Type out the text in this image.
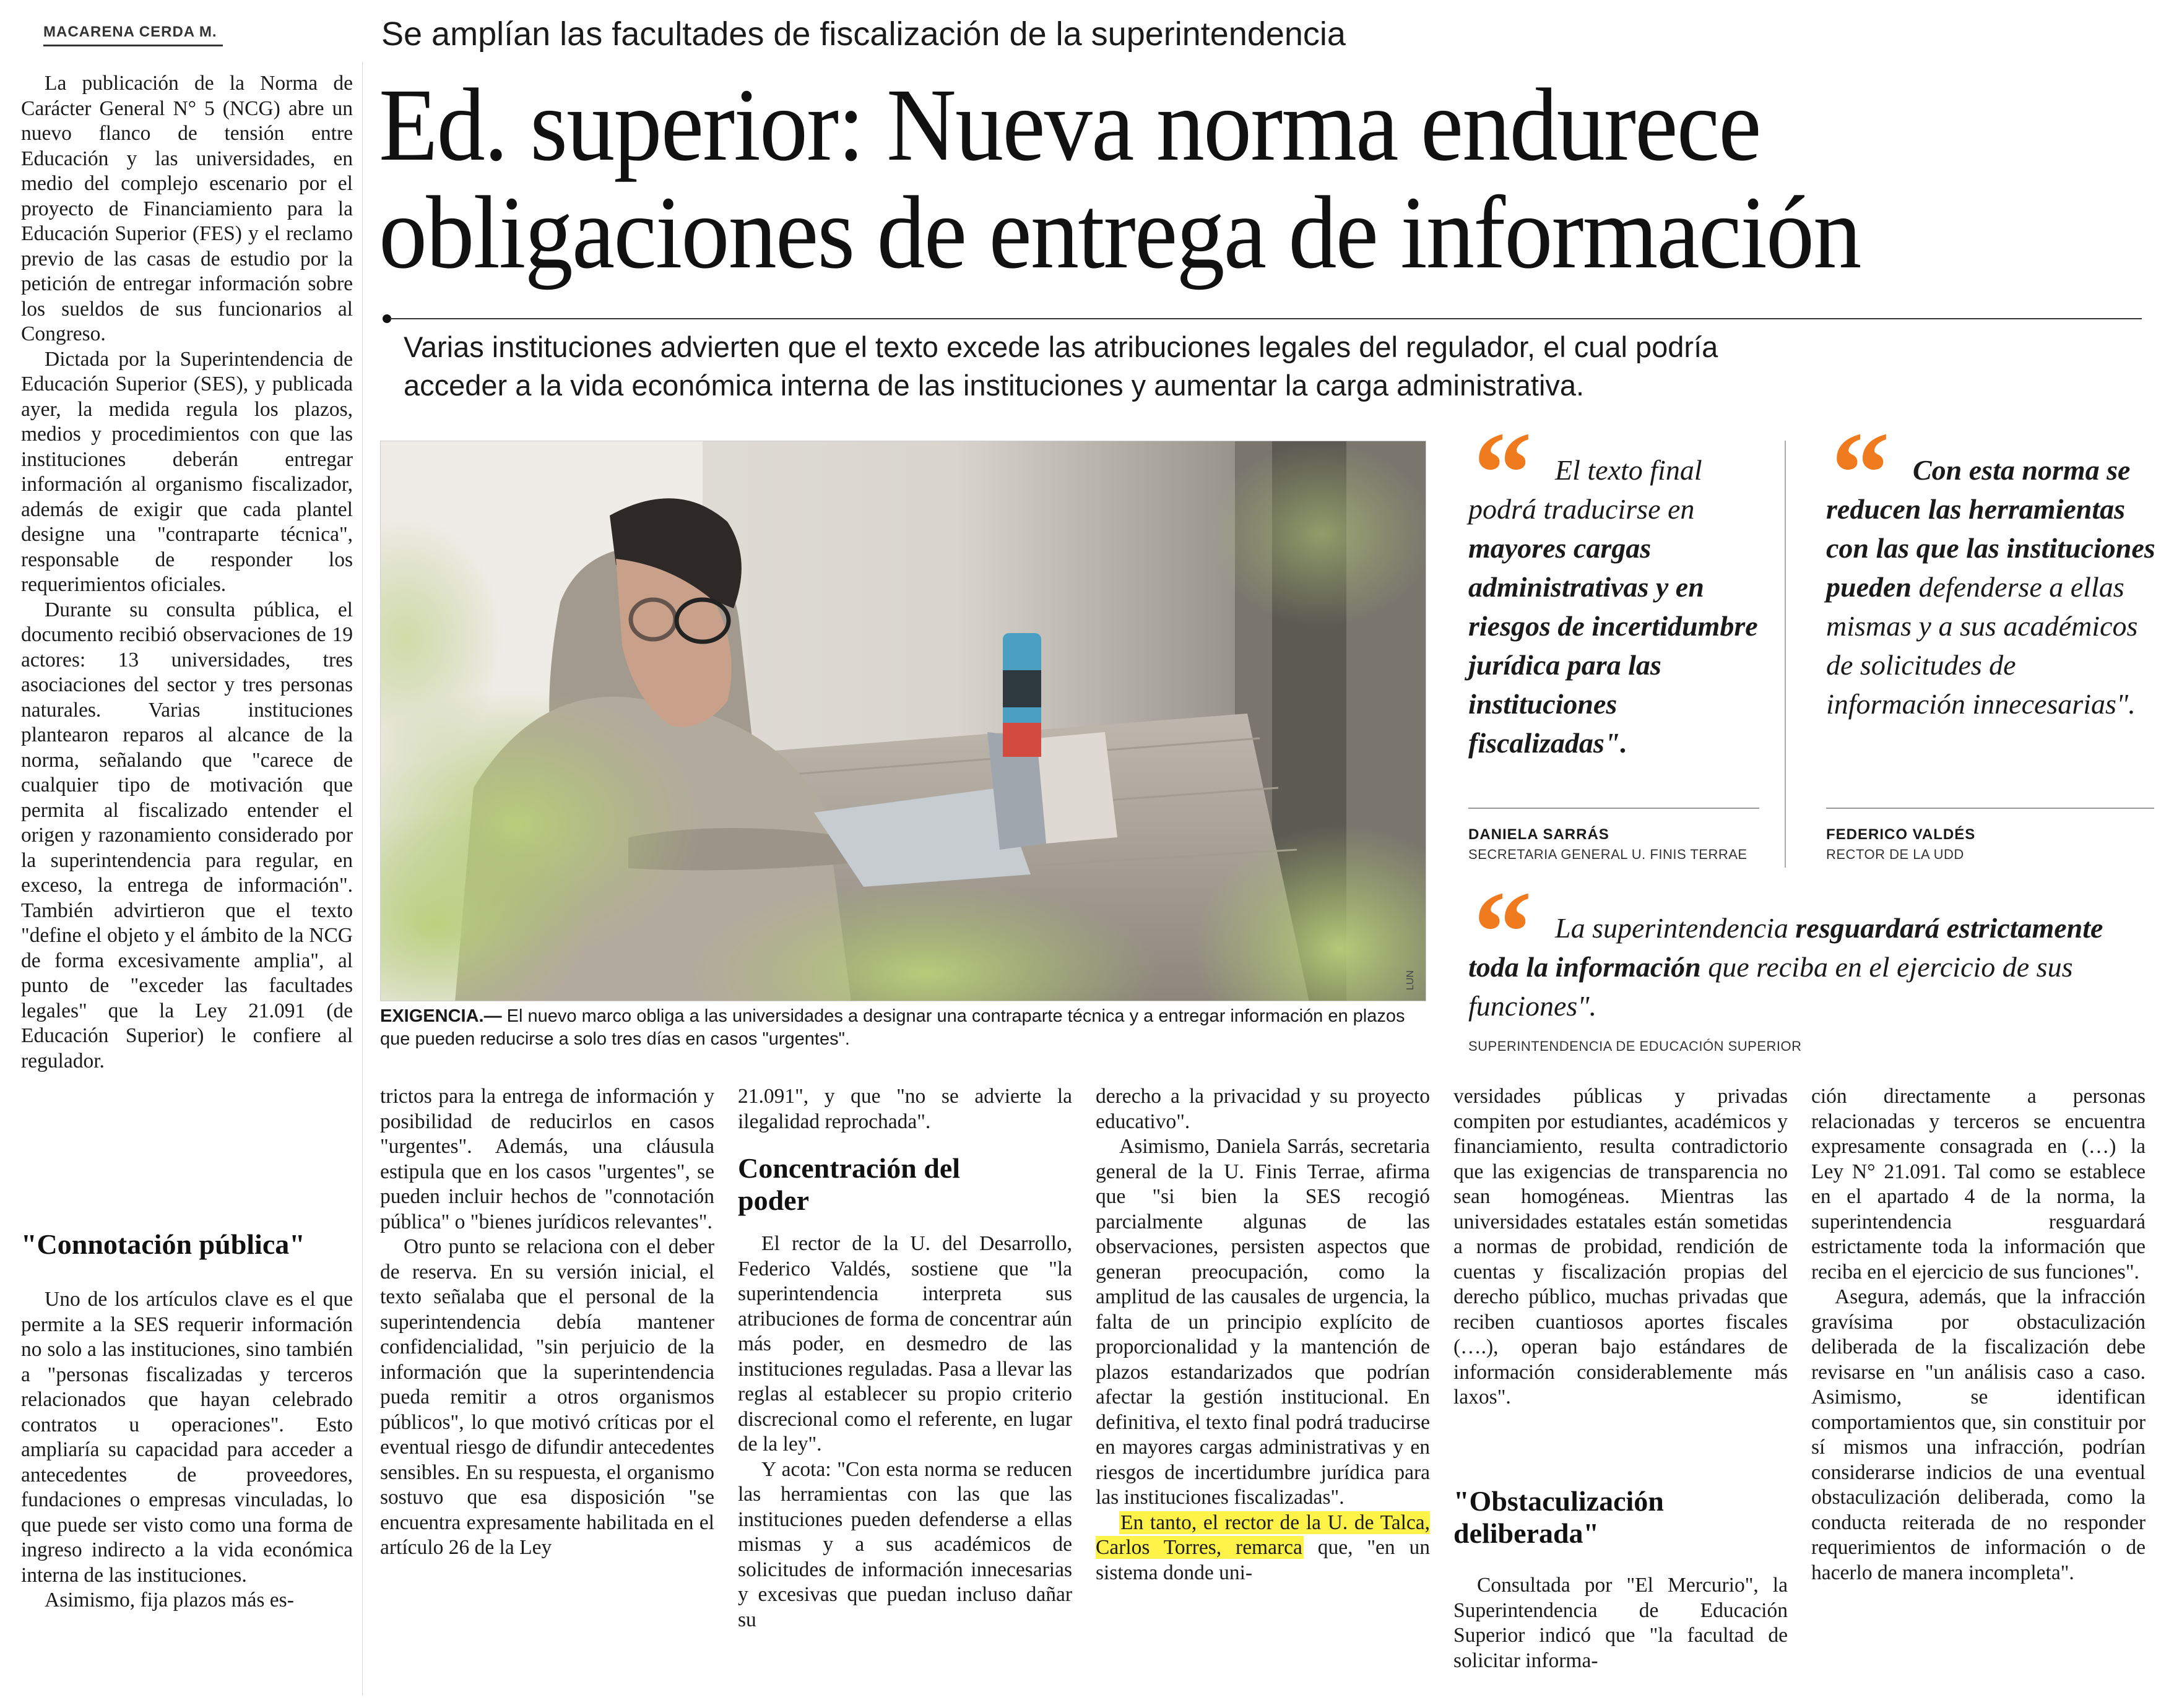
MACARENA CERDA M.

La publicación de la Norma de Carácter General N° 5 (NCG) abre un nuevo flanco de tensión entre Educación y las universidades, en medio del complejo escenario por el proyecto de Financiamiento para la Educación Superior (FES) y el reclamo previo de las casas de estudio por la petición de entregar información sobre los sueldos de sus funcionarios al Congreso.

Dictada por la Superintendencia de Educación Superior (SES), y publicada ayer, la medida regula los plazos, medios y procedimientos con que las instituciones deberán entregar información al organismo fiscalizador, además de exigir que cada plantel designe una "contraparte técnica", responsable de responder los requerimientos oficiales.

Durante su consulta pública, el documento recibió observaciones de 19 actores: 13 universidades, tres asociaciones del sector y tres personas naturales. Varias instituciones plantearon reparos al alcance de la norma, señalando que "carece de cualquier tipo de motivación que permita al fiscalizado entender el origen y razonamiento considerado por la superintendencia para regular, en exceso, la entrega de información". También advirtieron que el texto "define el objeto y el ámbito de la NCG de forma excesivamente amplia", al punto de "exceder las facultades legales" que la Ley 21.091 (de Educación Superior) le confiere al regulador.

"Connotación pública"

Uno de los artículos clave es el que permite a la SES requerir información no solo a las instituciones, sino también a "personas fiscalizadas y terceros relacionados que hayan celebrado contratos u operaciones". Esto ampliaría su capacidad para acceder a antecedentes de proveedores, fundaciones o empresas vinculadas, lo que puede ser visto como una forma de ingreso indirecto a la vida económica interna de las instituciones.

Asimismo, fija plazos más es-

Se amplían las facultades de fiscalización de la superintendencia
Ed. superior: Nueva norma endurece
obligaciones de entrega de información
Varias instituciones advierten que el texto excede las atribuciones legales del regulador, el cual podría
acceder a la vida económica interna de las instituciones y aumentar la carga administrativa.
LUN
EXIGENCIA.— El nuevo marco obliga a las universidades a designar una contraparte técnica y a entregar información en plazos que pueden reducirse a solo tres días en casos "urgentes".
“ El texto final podrá traducirse en mayores cargas administrativas y en riesgos de incertidumbre jurídica para las instituciones fiscalizadas".
DANIELA SARRÁS
SECRETARIA GENERAL U. FINIS TERRAE
“ Con esta norma se reducen las herramientas con las que las instituciones pueden defenderse a ellas mismas y a sus académicos de solicitudes de información innecesarias".
FEDERICO VALDÉS
RECTOR DE LA UDD
“ La superintendencia resguardará estrictamente toda la información que reciba en el ejercicio de sus funciones".
SUPERINTENDENCIA DE EDUCACIÓN SUPERIOR

trictos para la entrega de información y posibilidad de reducirlos en casos "urgentes". Además, una cláusula estipula que en los casos "urgentes", se pueden incluir hechos de "connotación pública" o "bienes jurídicos relevantes".

Otro punto se relaciona con el deber de reserva. En su versión inicial, el texto señalaba que el personal de la superintendencia debía mantener confidencialidad, "sin perjuicio de la información que la superintendencia pueda remitir a otros organismos públicos", lo que motivó críticas por el eventual riesgo de difundir antecedentes sensibles. En su respuesta, el organismo sostuvo que esa disposición "se encuentra expresamente habilitada en el artículo 26 de la Ley

21.091", y que "no se advierte la ilegalidad reprochada".

Concentración del poder

El rector de la U. del Desarrollo, Federico Valdés, sostiene que "la superintendencia interpreta sus atribuciones de forma de concentrar aún más poder, en desmedro de las instituciones reguladas. Pasa a llevar las reglas al establecer su propio criterio discrecional como el referente, en lugar de la ley".

Y acota: "Con esta norma se reducen las herramientas con las que las instituciones pueden defenderse a ellas mismas y a sus académicos de solicitudes de información innecesarias y excesivas que puedan incluso dañar su

derecho a la privacidad y su proyecto educativo".

Asimismo, Daniela Sarrás, secretaria general de la U. Finis Terrae, afirma que "si bien la SES recogió parcialmente algunas de las observaciones, persisten aspectos que generan preocupación, como la amplitud de las causales de urgencia, la falta de un principio explícito de proporcionalidad y la mantención de plazos estandarizados que podrían afectar la gestión institucional. En definitiva, el texto final podrá traducirse en mayores cargas administrativas y en riesgos de incertidumbre jurídica para las instituciones fiscalizadas".

En tanto, el rector de la U. de Talca, Carlos Torres, remarca que, "en un sistema donde uni-

versidades públicas y privadas compiten por estudiantes, académicos y financiamiento, resulta contradictorio que las exigencias de transparencia no sean homogéneas. Mientras las universidades estatales están sometidas a normas de probidad, rendición de cuentas y fiscalización propias del derecho público, muchas privadas que reciben cuantiosos aportes fiscales (….), operan bajo estándares de información considerablemente más laxos".

"Obstaculización deliberada"

Consultada por "El Mercurio", la Superintendencia de Educación Superior indicó que "la facultad de solicitar informa-

ción directamente a personas relacionadas y terceros se encuentra expresamente consagrada en (…) la Ley N° 21.091. Tal como se establece en el apartado 4 de la norma, la superintendencia resguardará estrictamente toda la información que reciba en el ejercicio de sus funciones".

Asegura, además, que la infracción gravísima por obstaculización deliberada de la fiscalización debe revisarse en "un análisis caso a caso. Asimismo, se identifican comportamientos que, sin constituir por sí mismos una infracción, podrían considerarse indicios de una eventual obstaculización deliberada, como la conducta reiterada de no responder requerimientos de información o de hacerlo de manera incompleta".
